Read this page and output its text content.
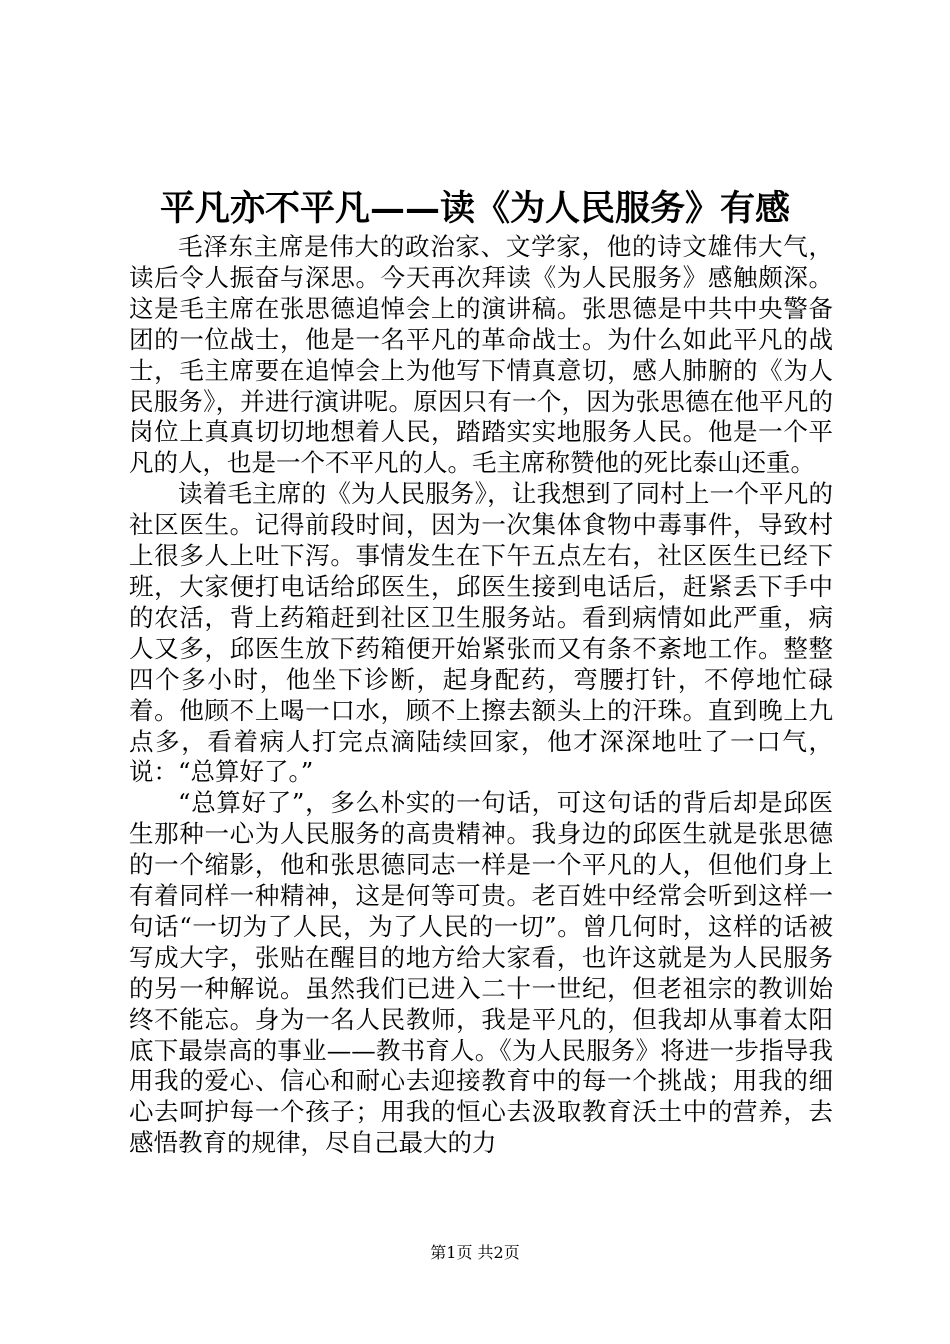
平凡亦不平凡——读《为人民服务》有感

毛泽东主席是伟大的政治家、文学家，他的诗文雄伟大气，读后令人振奋与深思。今天再次拜读《为人民服务》感触颇深。这是毛主席在张思德追悼会上的演讲稿。张思德是中共中央警备团的一位战士，他是一名平凡的革命战士。为什么如此平凡的战士，毛主席要在追悼会上为他写下情真意切，感人肺腑的《为人民服务》，并进行演讲呢。原因只有一个，因为张思德在他平凡的岗位上真真切切地想着人民，踏踏实实地服务人民。他是一个平凡的人，也是一个不平凡的人。毛主席称赞他的死比泰山还重。

读着毛主席的《为人民服务》，让我想到了同村上一个平凡的社区医生。记得前段时间，因为一次集体食物中毒事件，导致村上很多人上吐下泻。事情发生在下午五点左右，社区医生已经下班，大家便打电话给邱医生，邱医生接到电话后，赶紧丢下手中的农活，背上药箱赶到社区卫生服务站。看到病情如此严重，病人又多，邱医生放下药箱便开始紧张而又有条不紊地工作。整整四个多小时，他坐下诊断，起身配药，弯腰打针，不停地忙碌着。他顾不上喝一口水，顾不上擦去额头上的汗珠。直到晚上九点多，看着病人打完点滴陆续回家，他才深深地吐了一口气，说：“总算好了。”

“总算好了”，多么朴实的一句话，可这句话的背后却是邱医生那种一心为人民服务的高贵精神。我身边的邱医生就是张思德的一个缩影，他和张思德同志一样是一个平凡的人，但他们身上有着同样一种精神，这是何等可贵。老百姓中经常会听到这样一句话“一切为了人民，为了人民的一切”。曾几何时，这样的话被写成大字，张贴在醒目的地方给大家看，也许这就是为人民服务的另一种解说。虽然我们已进入二十一世纪，但老祖宗的教训始终不能忘。身为一名人民教师，我是平凡的，但我却从事着太阳底下最崇高的事业——教书育人。《为人民服务》将进一步指导我用我的爱心、信心和耐心去迎接教育中的每一个挑战；用我的细心去呵护每一个孩子；用我的恒心去汲取教育沃土中的营养，去感悟教育的规律，尽自己最大的力

第1页 共2页
